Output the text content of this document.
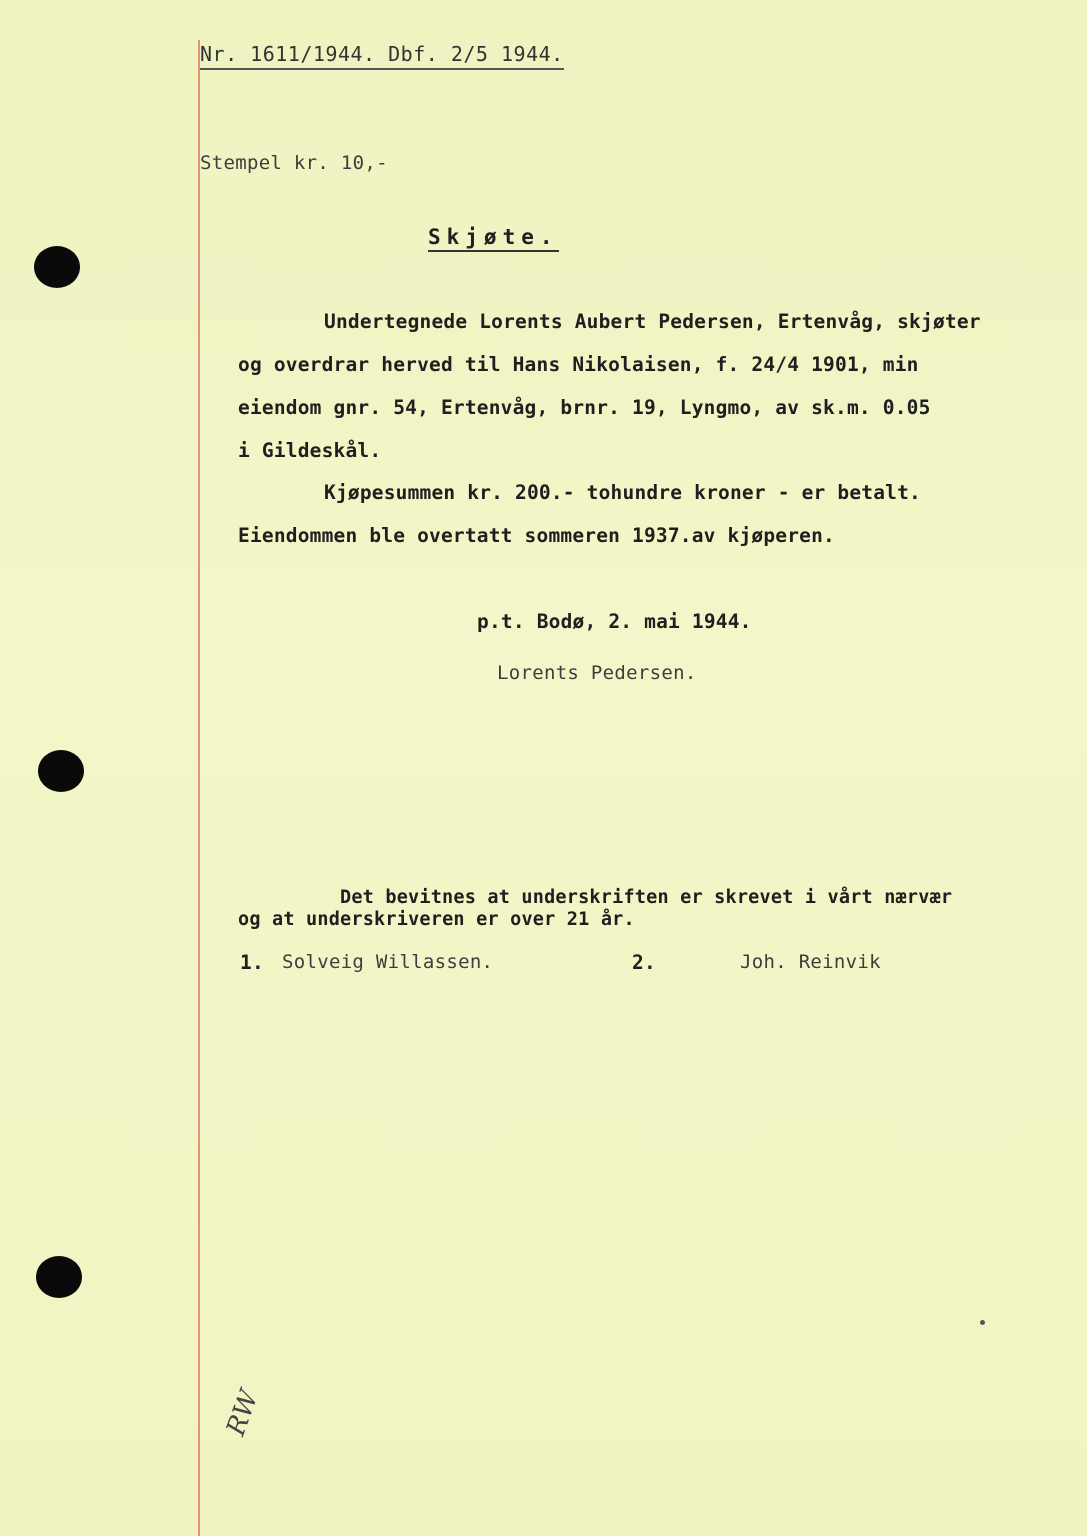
Nr. 1611/1944. Dbf. 2/5 1944.
Stempel kr. 10,-
Skjøte.
Undertegnede Lorents Aubert Pedersen, Ertenvåg, skjøter
og overdrar herved til Hans Nikolaisen, f. 24/4 1901, min
eiendom gnr. 54, Ertenvåg, brnr. 19, Lyngmo, av sk.m. 0.05
i Gildeskål.
Kjøpesummen kr. 200.- tohundre kroner - er betalt.
Eiendommen ble overtatt sommeren 1937.av kjøperen.
p.t. Bodø, 2. mai 1944.
Lorents Pedersen.
Det bevitnes at underskriften er skrevet i vårt nærvær
og at underskriveren er over 21 år.
1. Solveig Willassen.	2.	Joh. Reinvik
RW
